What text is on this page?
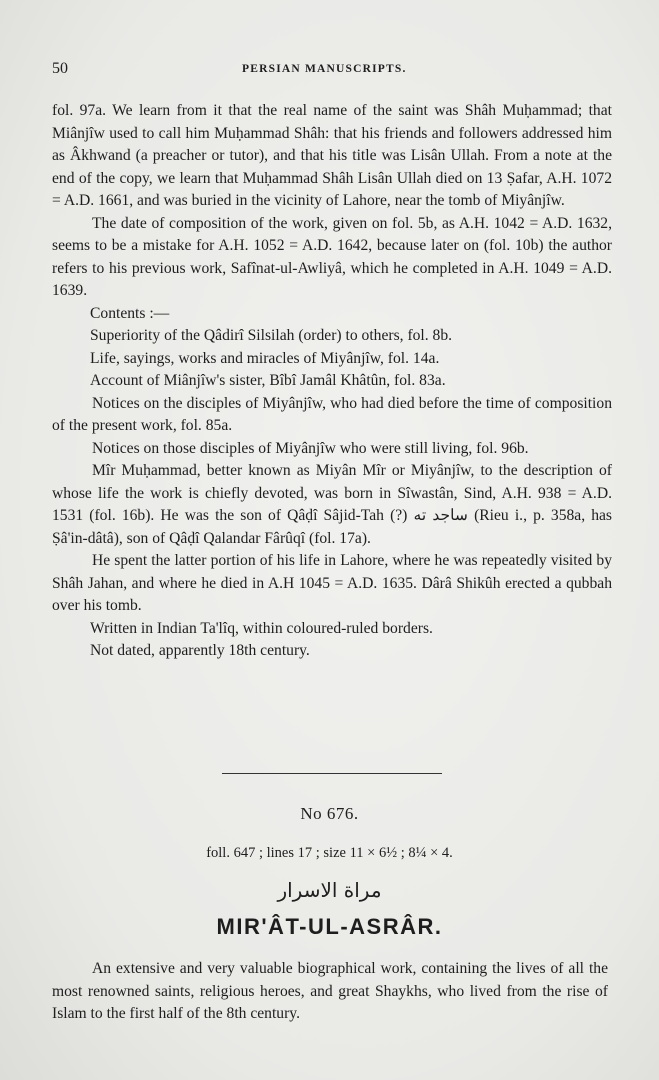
50	PERSIAN MANUSCRIPTS.

fol. 97a. We learn from it that the real name of the saint was Shâh Muḥammad; that Miânjîw used to call him Muḥammad Shâh: that his friends and followers addressed him as Âkhwand (a preacher or tutor), and that his title was Lisân Ullah. From a note at the end of the copy, we learn that Muḥammad Shâh Lisân Ullah died on 13 Ṣafar, A.H. 1072 = A.D. 1661, and was buried in the vicinity of Lahore, near the tomb of Miyânjîw.

The date of composition of the work, given on fol. 5b, as A.H. 1042 = A.D. 1632, seems to be a mistake for A.H. 1052 = A.D. 1642, because later on (fol. 10b) the author refers to his previous work, Safînat-ul-Awliyâ, which he completed in A.H. 1049 = A.D. 1639.

Contents :—

Superiority of the Qâdirî Silsilah (order) to others, fol. 8b.

Life, sayings, works and miracles of Miyânjîw, fol. 14a.

Account of Miânjîw's sister, Bîbî Jamâl Khâtûn, fol. 83a.

Notices on the disciples of Miyânjîw, who had died before the time of composition of the present work, fol. 85a.

Notices on those disciples of Miyânjîw who were still living, fol. 96b.

Mîr Muḥammad, better known as Miyân Mîr or Miyânjîw, to the description of whose life the work is chiefly devoted, was born in Sîwastân, Sind, A.H. 938 = A.D. 1531 (fol. 16b). He was the son of Qâḍî Sâjid-Tah (?) ساجد ته (Rieu i., p. 358a, has Ṣâ'in-dâtâ), son of Qâḍî Qalandar Fârûqî (fol. 17a).

He spent the latter portion of his life in Lahore, where he was repeatedly visited by Shâh Jahan, and where he died in A.H 1045 = A.D. 1635. Dârâ Shikûh erected a qubbah over his tomb.

Written in Indian Ta'lîq, within coloured-ruled borders.

Not dated, apparently 18th century.

No 676.
foll. 647 ; lines 17 ; size 11 × 6½ ; 8¼ × 4.
مراة الاسرار
MIR'ÂT-UL-ASRÂR.

An extensive and very valuable biographical work, containing the lives of all the most renowned saints, religious heroes, and great Shaykhs, who lived from the rise of Islam to the first half of the 8th century.
